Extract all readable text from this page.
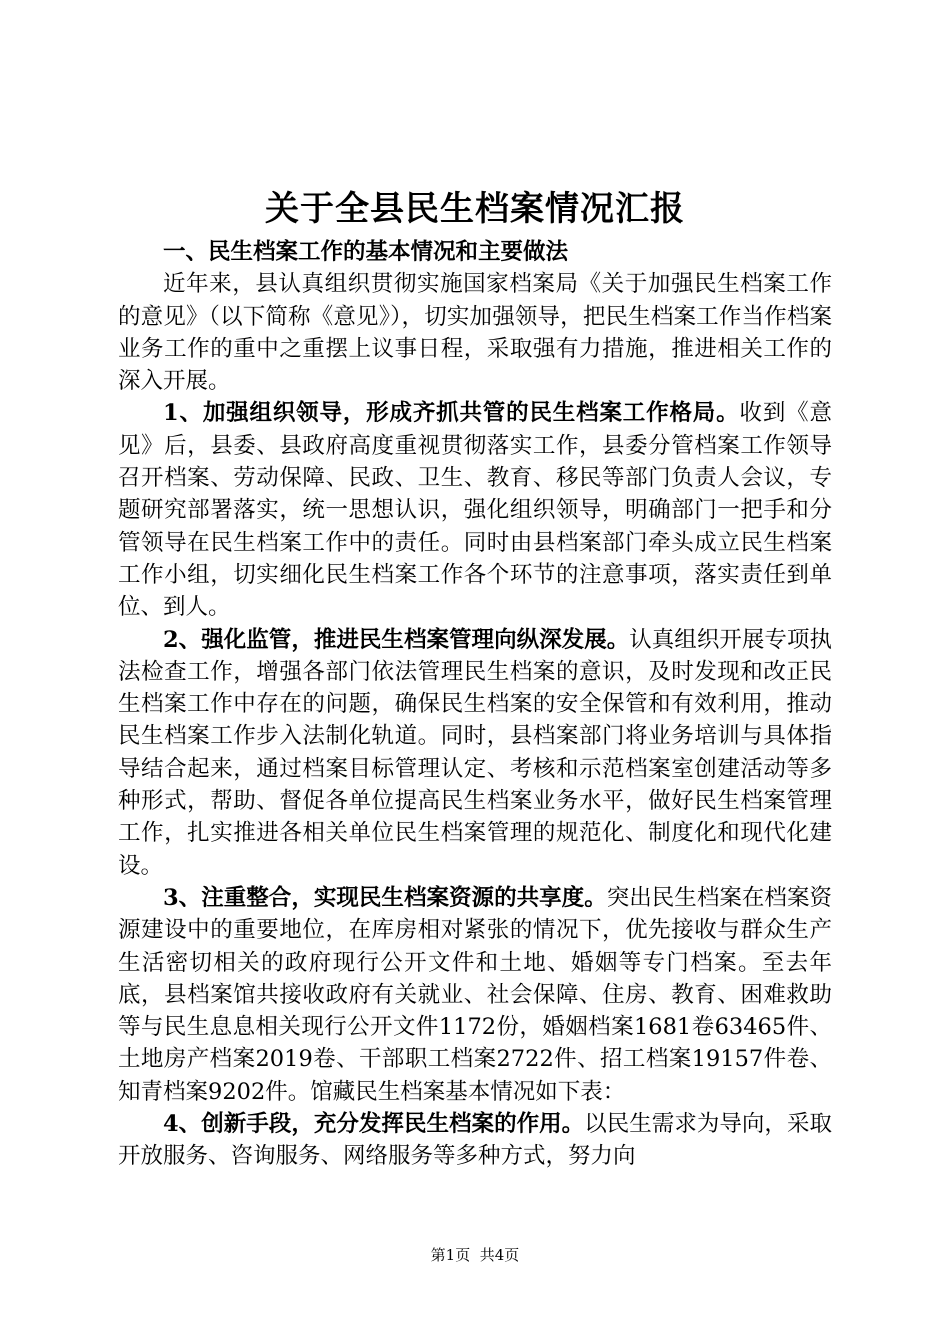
关于全县民生档案情况汇报

一、民生档案工作的基本情况和主要做法

近年来，县认真组织贯彻实施国家档案局《关于加强民生档案工作的意见》（以下简称《意见》），切实加强领导，把民生档案工作当作档案业务工作的重中之重摆上议事日程，采取强有力措施，推进相关工作的深入开展。

1、加强组织领导，形成齐抓共管的民生档案工作格局。收到《意见》后，县委、县政府高度重视贯彻落实工作，县委分管档案工作领导召开档案、劳动保障、民政、卫生、教育、移民等部门负责人会议，专题研究部署落实，统一思想认识，强化组织领导，明确部门一把手和分管领导在民生档案工作中的责任。同时由县档案部门牵头成立民生档案工作小组，切实细化民生档案工作各个环节的注意事项，落实责任到单位、到人。

2、强化监管，推进民生档案管理向纵深发展。认真组织开展专项执法检查工作，增强各部门依法管理民生档案的意识，及时发现和改正民生档案工作中存在的问题，确保民生档案的安全保管和有效利用，推动民生档案工作步入法制化轨道。同时，县档案部门将业务培训与具体指导结合起来，通过档案目标管理认定、考核和示范档案室创建活动等多种形式，帮助、督促各单位提高民生档案业务水平，做好民生档案管理工作，扎实推进各相关单位民生档案管理的规范化、制度化和现代化建设。

3、注重整合，实现民生档案资源的共享度。突出民生档案在档案资源建设中的重要地位，在库房相对紧张的情况下，优先接收与群众生产生活密切相关的政府现行公开文件和土地、婚姻等专门档案。至去年底，县档案馆共接收政府有关就业、社会保障、住房、教育、困难救助等与民生息息相关现行公开文件1172份，婚姻档案1681卷63465件、土地房产档案2019卷、干部职工档案2722件、招工档案19157件卷、知青档案9202件。馆藏民生档案基本情况如下表：

4、创新手段，充分发挥民生档案的作用。以民生需求为导向，采取开放服务、咨询服务、网络服务等多种方式，努力向

第1页 共4页
